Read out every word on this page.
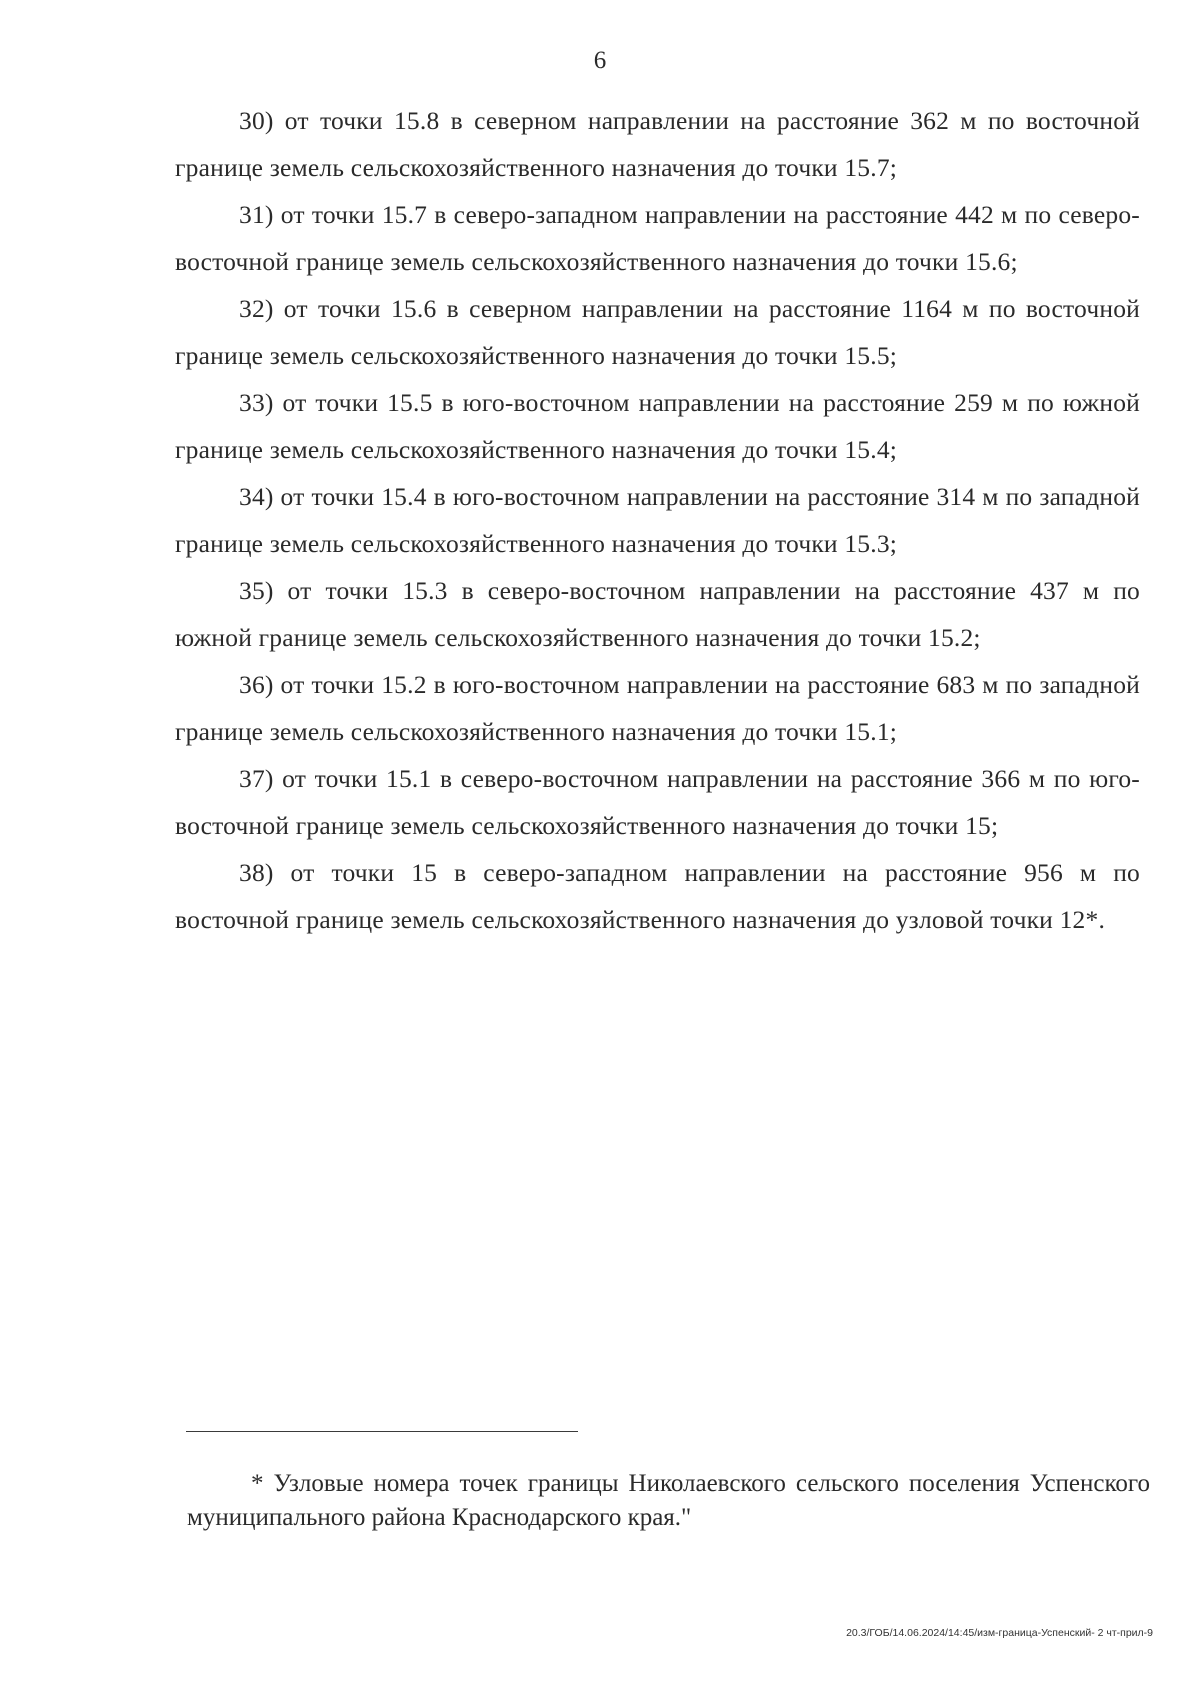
6

30) от точки 15.8 в северном направлении на расстояние 362 м по восточной границе земель сельскохозяйственного назначения до точки 15.7;

31) от точки 15.7 в северо-западном направлении на расстояние 442 м по северо-восточной границе земель сельскохозяйственного назначения до точки 15.6;

32) от точки 15.6 в северном направлении на расстояние 1164 м по восточной границе земель сельскохозяйственного назначения до точки 15.5;

33) от точки 15.5 в юго-восточном направлении на расстояние 259 м по южной границе земель сельскохозяйственного назначения до точки 15.4;

34) от точки 15.4 в юго-восточном направлении на расстояние 314 м по западной границе земель сельскохозяйственного назначения до точки 15.3;

35) от точки 15.3 в северо-восточном направлении на расстояние 437 м по южной границе земель сельскохозяйственного назначения до точки 15.2;

36) от точки 15.2 в юго-восточном направлении на расстояние 683 м по западной границе земель сельскохозяйственного назначения до точки 15.1;

37) от точки 15.1 в северо-восточном направлении на расстояние 366 м по юго-восточной границе земель сельскохозяйственного назначения до точки 15;

38) от точки 15 в северо-западном направлении на расстояние 956 м по восточной границе земель сельскохозяйственного назначения до узловой точки 12*.

* Узловые номера точек границы Николаевского сельского поселения Успенского муниципального района Краснодарского края."

20.3/ГОБ/14.06.2024/14:45/изм-граница-Успенский- 2 чт-прил-9
